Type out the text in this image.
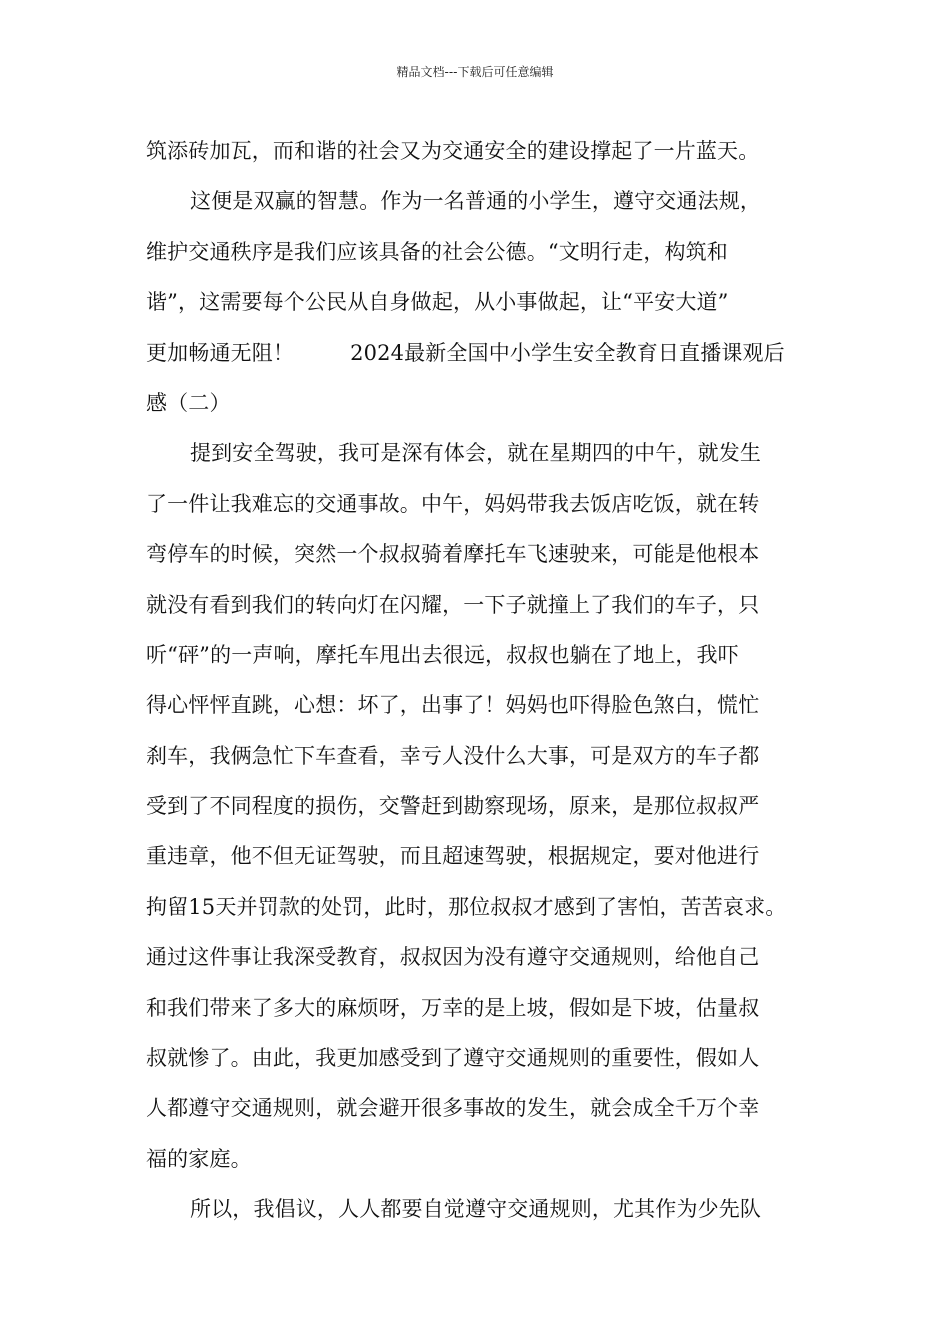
精品文档---下载后可任意编辑
筑添砖加瓦，而和谐的社会又为交通安全的建设撑起了一片蓝天。
这便是双赢的智慧。作为一名普通的小学生，遵守交通法规，
维护交通秩序是我们应该具备的社会公德。“文明行走，构筑和
谐”，这需要每个公民从自身做起，从小事做起，让“平安大道”
更加畅通无阻！	2024最新全国中小学生安全教育日直播课观后
感（二）
提到安全驾驶，我可是深有体会，就在星期四的中午，就发生
了一件让我难忘的交通事故。中午，妈妈带我去饭店吃饭，就在转
弯停车的时候，突然一个叔叔骑着摩托车飞速驶来，可能是他根本
就没有看到我们的转向灯在闪耀，一下子就撞上了我们的车子，只
听“砰”的一声响，摩托车甩出去很远，叔叔也躺在了地上，我吓
得心怦怦直跳，心想：坏了，出事了！妈妈也吓得脸色煞白，慌忙
刹车，我俩急忙下车查看，幸亏人没什么大事，可是双方的车子都
受到了不同程度的损伤，交警赶到勘察现场，原来，是那位叔叔严
重违章，他不但无证驾驶，而且超速驾驶，根据规定，要对他进行
拘留15天并罚款的处罚，此时，那位叔叔才感到了害怕，苦苦哀求。
通过这件事让我深受教育，叔叔因为没有遵守交通规则，给他自己
和我们带来了多大的麻烦呀，万幸的是上坡，假如是下坡，估量叔
叔就惨了。由此，我更加感受到了遵守交通规则的重要性，假如人
人都遵守交通规则，就会避开很多事故的发生，就会成全千万个幸
福的家庭。
所以，我倡议，人人都要自觉遵守交通规则，尤其作为少先队
